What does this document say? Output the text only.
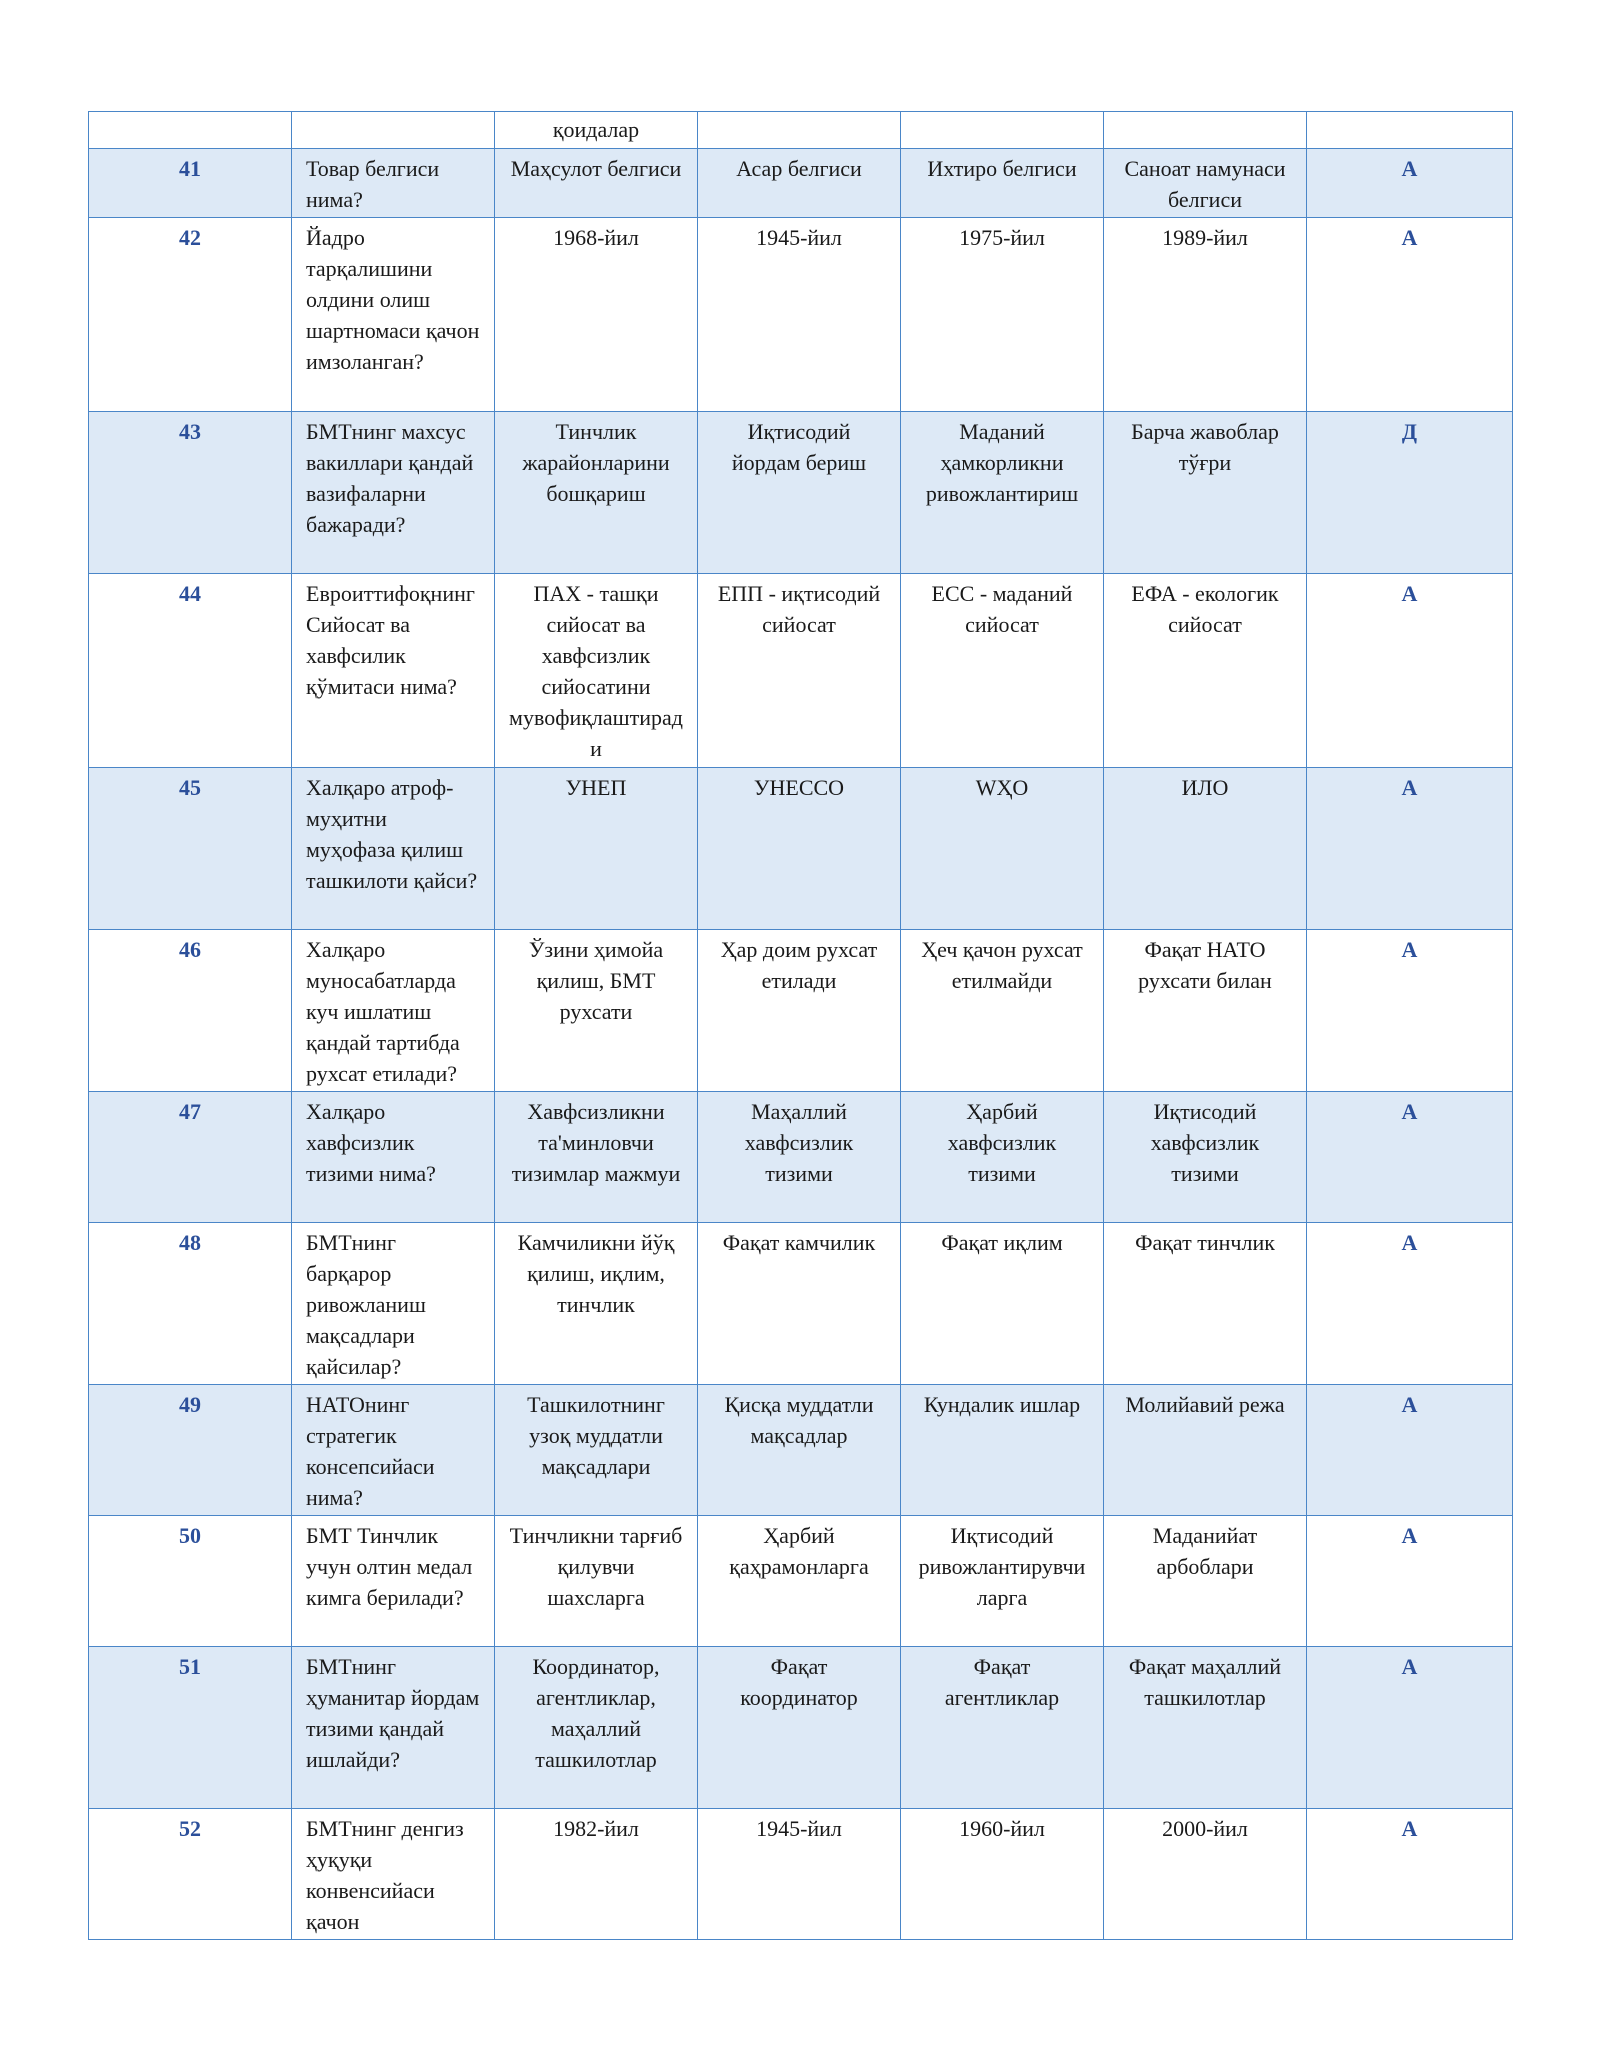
		қоидалар				
41	Товар белгиси нима?	Маҳсулот белгиси	Асар белгиси	Ихтиро белгиси	Саноат намунаси белгиси	А
42	Йадро тарқалишини олдини олиш шартномаси қачон имзоланган?	1968-йил	1945-йил	1975-йил	1989-йил	А
43	БМТнинг махсус вакиллари қандай вазифаларни бажаради?	Тинчлик жарайонларини бошқариш	Иқтисодий йордам бериш	Маданий ҳамкорликни ривожлантириш	Барча жавоблар тўғри	Д
44	Евроиттифоқнинг Сийосат ва хавфсилик қўмитаси нима?	ПАХ - ташқи сийосат ва хавфсизлик сийосатини мувофиқлаштиради	ЕПП - иқтисодий сийосат	ЕСС - маданий сийосат	ЕФА - екологик сийосат	А
45	Халқаро атроф-муҳитни муҳофаза қилиш ташкилоти қайси?	УНЕП	УНЕССО	WҲО	ИЛО	А
46	Халқаро муносабатларда куч ишлатиш қандай тартибда рухсат етилади?	Ўзини ҳимойа қилиш, БМТ рухсати	Ҳар доим рухсат етилади	Ҳеч қачон рухсат етилмайди	Фақат НАТО рухсати билан	А
47	Халқаро хавфсизлик тизими нима?	Хавфсизликни та'минловчи тизимлар мажмуи	Маҳаллий хавфсизлик тизими	Ҳарбий хавфсизлик тизими	Иқтисодий хавфсизлик тизими	А
48	БМТнинг барқарор ривожланиш мақсадлари қайсилар?	Камчиликни йўқ қилиш, иқлим, тинчлик	Фақат камчилик	Фақат иқлим	Фақат тинчлик	А
49	НАТОнинг стратегик консепсийаси нима?	Ташкилотнинг узоқ муддатли мақсадлари	Қисқа муддатли мақсадлар	Кундалик ишлар	Молийавий режа	А
50	БМТ Тинчлик учун олтин медал кимга берилади?	Тинчликни тарғиб қилувчи шахсларга	Ҳарбий қаҳрамонларга	Иқтисодий ривожлантирувчиларга	Маданийат арбоблари	А
51	БМТнинг ҳуманитар йордам тизими қандай ишлайди?	Координатор, агентликлар, маҳаллий ташкилотлар	Фақат координатор	Фақат агентликлар	Фақат маҳаллий ташкилотлар	А
52	БМТнинг денгиз ҳуқуқи конвенсийаси қачон	1982-йил	1945-йил	1960-йил	2000-йил	А
